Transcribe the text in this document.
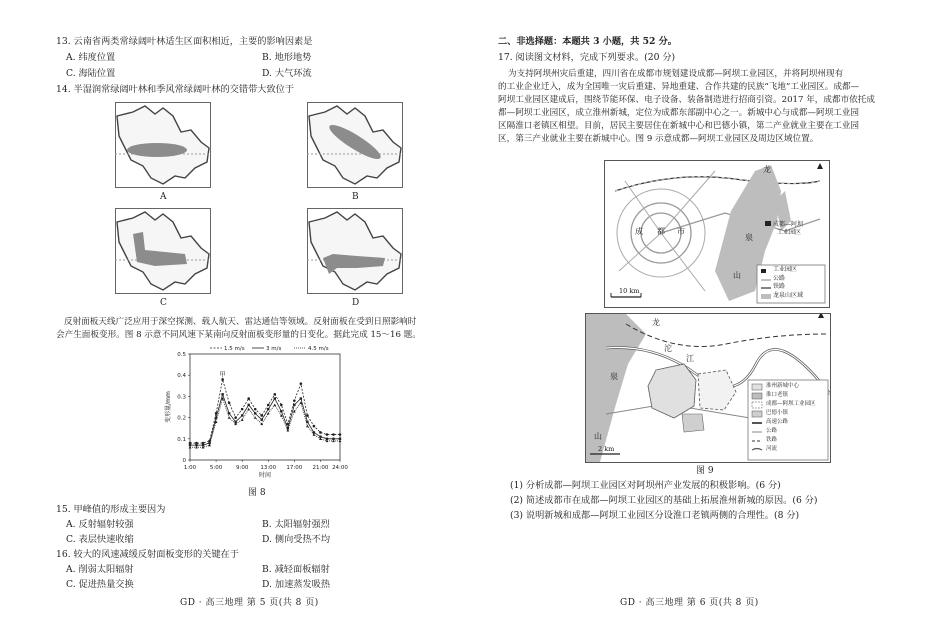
13. 云南省两类常绿阔叶林适生区面积相近，主要的影响因素是
A. 纬度位置	B. 地形地势
C. 海陆位置	D. 大气环流
14. 半湿润常绿阔叶林和季风常绿阔叶林的交错带大致位于
A	B
C	D
反射面板天线广泛应用于深空探测、载人航天、雷达通信等领域。反射面板在受到日照影响时
会产生面板变形。图 8 示意不同风速下某南向反射面板变形量的日变化。据此完成 15～16 题。
0
0.1
0.2
0.3
0.4
0.5
1:00 5:00 9:00 13:00 17:00 21:00 24:00
时间
变形量/mm
1.5 m/s	3 m/s	4.5 m/s
甲
图 8
15. 甲峰值的形成主要因为
A. 反射辐射较强	B. 太阳辐射强烈
C. 表层快速收缩	D. 侧向受热不均
16. 较大的风速减缓反射面板变形的关键在于
A. 削弱太阳辐射	B. 减轻面板辐射
C. 促进热量交换	D. 加速蒸发吸热
GD · 高三地理 第 5 页(共 8 页)
二、非选择题：本题共 3 小题，共 52 分。
17. 阅读图文材料，完成下列要求。(20 分)
为支持阿坝州灾后重建，四川省在成都市规划建设成都—阿坝工业园区，并将阿坝州现有
的工业企业迁入，成为全国唯一灾后重建、异地重建、合作共建的民族“飞地”工业园区。成都—
阿坝工业园区建成后，围绕节能环保、电子设备、装备制造进行招商引资。2017 年，成都市依托成
都—阿坝工业园区，成立淮州新城，定位为成都东部副中心之一。新城中心与成都—阿坝工业园
区隔淮口老镇区相望。目前，居民主要居住在新城中心和巴德小镇，第二产业就业主要在工业园
区，第三产业就业主要在新城中心。图 9 示意成都—阿坝工业园区及周边区域位置。
成 都 市
龙
泉
山
成都—阿坝
工业园区
10 km
工业园区
公路
铁路
龙泉山区域
龙
泉
山
沱
江
2 km
淮州新城中心
淮口老镇
成都—阿坝工业园区
巴德小镇
高速公路
公路
铁路
河流
图 9
(1) 分析成都—阿坝工业园区对阿坝州产业发展的积极影响。(6 分)
(2) 简述成都市在成都—阿坝工业园区的基础上拓展淮州新城的原因。(6 分)
(3) 说明新城和成都—阿坝工业园区分设淮口老镇两侧的合理性。(8 分)
GD · 高三地理 第 6 页(共 8 页)
